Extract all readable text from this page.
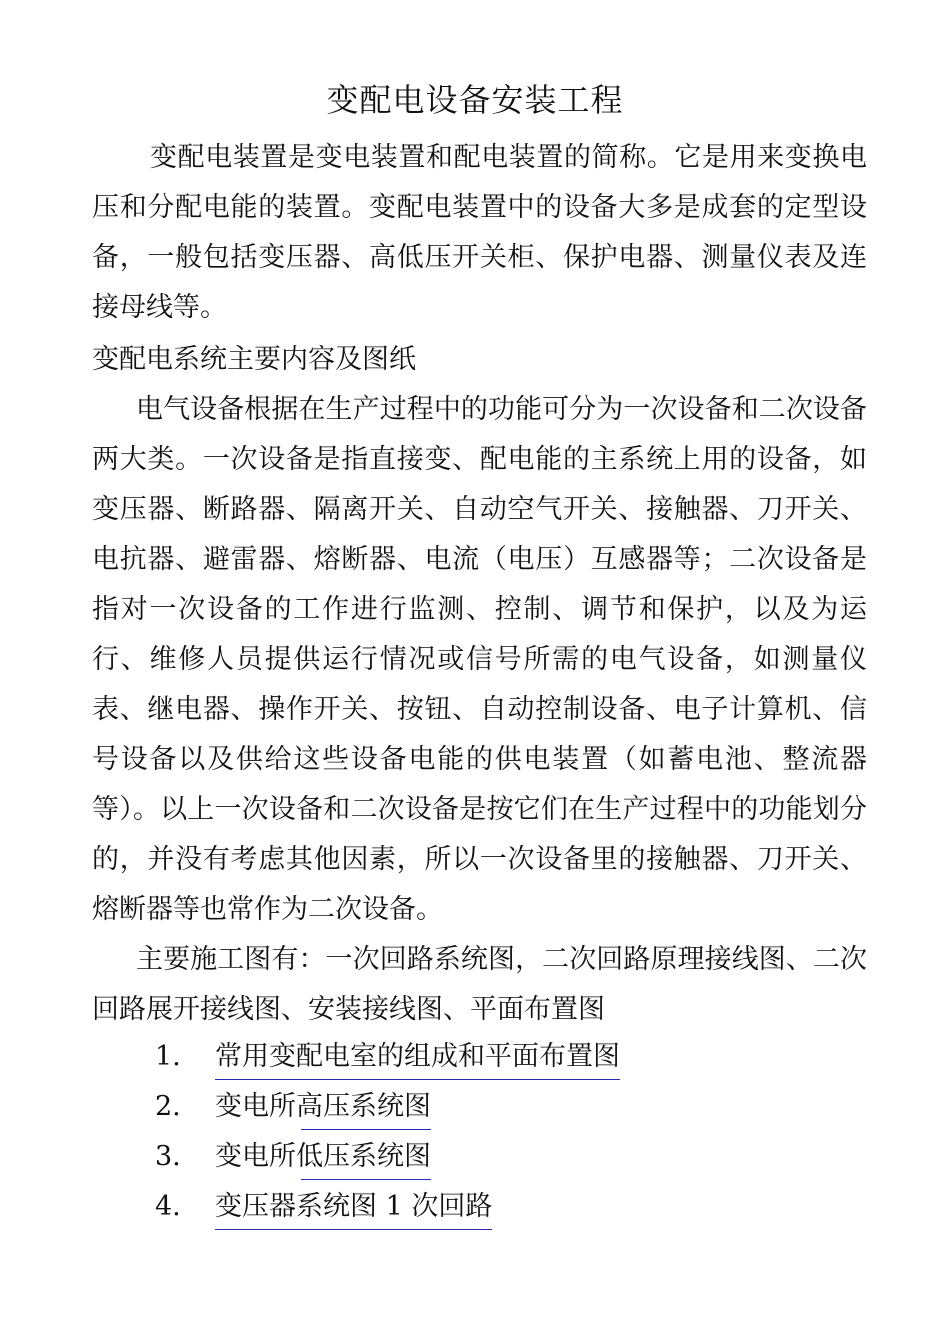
变配电设备安装工程
变配电装置是变电装置和配电装置的简称。它是用来变换电压和分配电能的装置。变配电装置中的设备大多是成套的定型设备，一般包括变压器、高低压开关柜、保护电器、测量仪表及连接母线等。
变配电系统主要内容及图纸
电气设备根据在生产过程中的功能可分为一次设备和二次设备两大类。一次设备是指直接变、配电能的主系统上用的设备，如变压器、断路器、隔离开关、自动空气开关、接触器、刀开关、电抗器、避雷器、熔断器、电流（电压）互感器等；二次设备是指对一次设备的工作进行监测、控制、调节和保护，以及为运行、维修人员提供运行情况或信号所需的电气设备，如测量仪表、继电器、操作开关、按钮、自动控制设备、电子计算机、信号设备以及供给这些设备电能的供电装置（如蓄电池、整流器等）。以上一次设备和二次设备是按它们在生产过程中的功能划分的，并没有考虑其他因素，所以一次设备里的接触器、刀开关、熔断器等也常作为二次设备。
主要施工图有：一次回路系统图，二次回路原理接线图、二次回路展开接线图、安装接线图、平面布置图
1. 常用变配电室的组成和平面布置图
2. 变电所高压系统图
3. 变电所低压系统图
4. 变压器系统图 1 次回路
